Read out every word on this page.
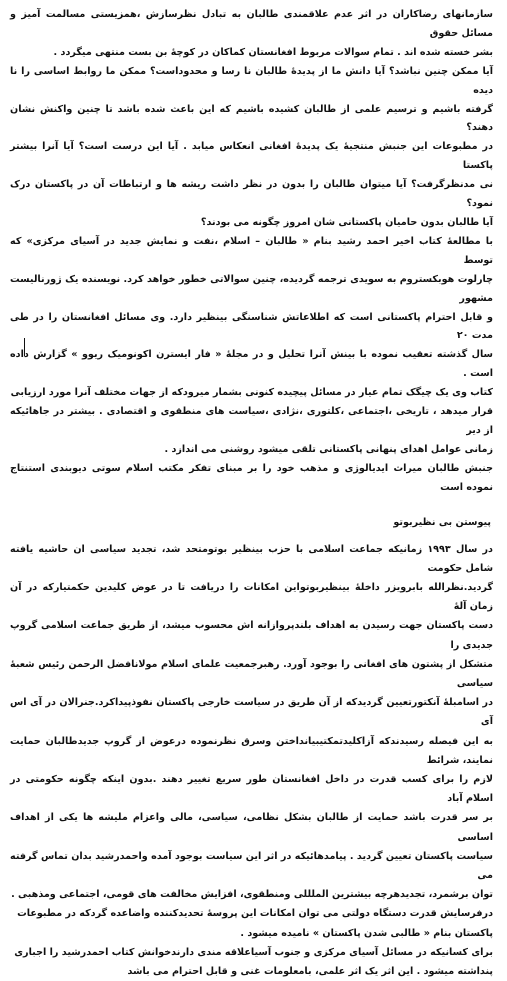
سازمانهای رضاکاران در اثر عدم علاقمندی طالبان به تبادل نظرسازش ،همزیستی مسالمت آمیز و مسائل حقوق
بشر خسته شده اند . تمام سوالات مربوط افغانستان کماکان در کوچهٔ بن بست منتهی میگردد .
آیا ممکن چنین نباشد؟ آیا دانش ما از پدیدهٔ طالبان نا رسا و محدوداست؟ ممکن ما روابط اساسی را نا دیده
گرفته باشیم و ترسیم علمی از طالبان کشیده باشیم که این باعث شده باشد تا چنین واکنش نشان دهند؟
در مطبوعات این جنبش منتجیهٔ یک پدیدهٔ افغانی انعکاس میابد . آیا این درست است؟ آیا آنرا بیشتر پاکستا
نی مدنظرگرفت؟ آیا میتوان طالبان را بدون در نظر داشت ریشه ها و ارتباطات آن در پاکستان درک نمود؟
آیا طالبان بدون حامیان پاکستانی شان امروز چگونه می بودند؟
با مطالعهٔ کتاب اخیر احمد رشید بنام « طالبان – اسلام ،نفت و نمایش جدید در آسیای مرکزی» که توسط
چارلوت هوبکستروم به سویدی ترجمه گردیده، چنین سوالاتی خطور خواهد کرد. نویسنده یک ژورنالیست مشهور
و قابل احترام پاکستانی است که اطلاعاتش شناسنگی بینظیر دارد. وی مسائل افغانستان را در طی مدت ۲۰
سال گذشته تعقیب نموده با بینش آنرا تحلیل و در مجلهٔ « فار ایسترن اکونومیک ریوو » گزارش داده است .
کتاب وی یک چیگک تمام عیار در مسائل پیچیده کنونی بشمار میرودکه از جهات مختلف آنرا مورد ارزیابی
قرار میدهد ، تاریخی ،اجتماعی ،کلتوری ،نژادی ،سیاست های منطقوی و اقتصادی . بیشتر در جاهائیکه از دیر
زمانی عوامل اهدای پنهانی پاکستانی تلقی میشود روشنی می اندازد .
جنبش طالبان میراث ایدیالوژی و مذهب خود را بر مبنای تفکر مکتب اسلام سوتی دیوبندی استنتاج نموده است
پیوستن بی نظیربوتو
در سال ۱۹۹۳ زمانیکه جماعت اسلامی با حزب بینظیر بوتومتحد شد، تجدید سیاسی ان حاشیه یافته شامل حکومت
گردید.نظرالله بابرویزر داخلهٔ بینظیربوتواین امکانات را دریافت تا در عوض کلیدین حکمتیارکه در آن زمان آلهٔ
دست پاکستان جهت رسیدن به اهداف بلندپروازانه اش محسوب میشد، از طریق جماعت اسلامی گروپ جدیدی را
متشکل از پشتون های افغانی را بوجود آورد. رهبرجمعیت علمای اسلام مولانافضل الرحمن رئیس شعبهٔ سیاسی
در اسامبلهٔ آنکتورتعیین گردیدکه از آن طریق در سیاست خارجی پاکستان نفوذپیداکرد.جنرالان در آی اس آی
به این فیصله رسیدندکه آزاکلیدتمکتیبیانداختن وسرق نظرنموده درعوض از گروپ جدیدطالبان حمایت نمایند، شرائط
لازم را برای کسب قدرت در داخل افغانستان طور سریع تغییر دهند .بدون اینکه چگونه حکومتی در اسلام آباد
بر سر قدرت باشد حمایت از طالبان بشکل نظامی، سیاسی، مالی واعزام ملیشه ها یکی از اهداف اساسی
سیاست پاکستان تعیین گردید . پیامدهائیکه در اثر این سیاست بوجود آمده واحمدرشید بدان تماس گرفته می
توان برشمرد، تجدیدهرچه بیشترین الملللی ومنطقوی، افزایش مخالفت های قومی، اجتماعی ومذهبی .
درفرسایش قدرت دستگاه دولتی می توان امکانات این پروسهٔ تحدیدکننده واضاعده گردکه در مطبوعات
پاکستان بنام « طالبی شدن پاکستان » نامیده میشود .
برای کسانیکه در مسائل آسیای مرکزی و جنوب آسیاعلاقه مندی دارندخوانش کتاب احمدرشید را اجباری
پنداشته میشود . این اثر یک اثر علمی، بامعلومات غنی و قابل احترام می باشد
